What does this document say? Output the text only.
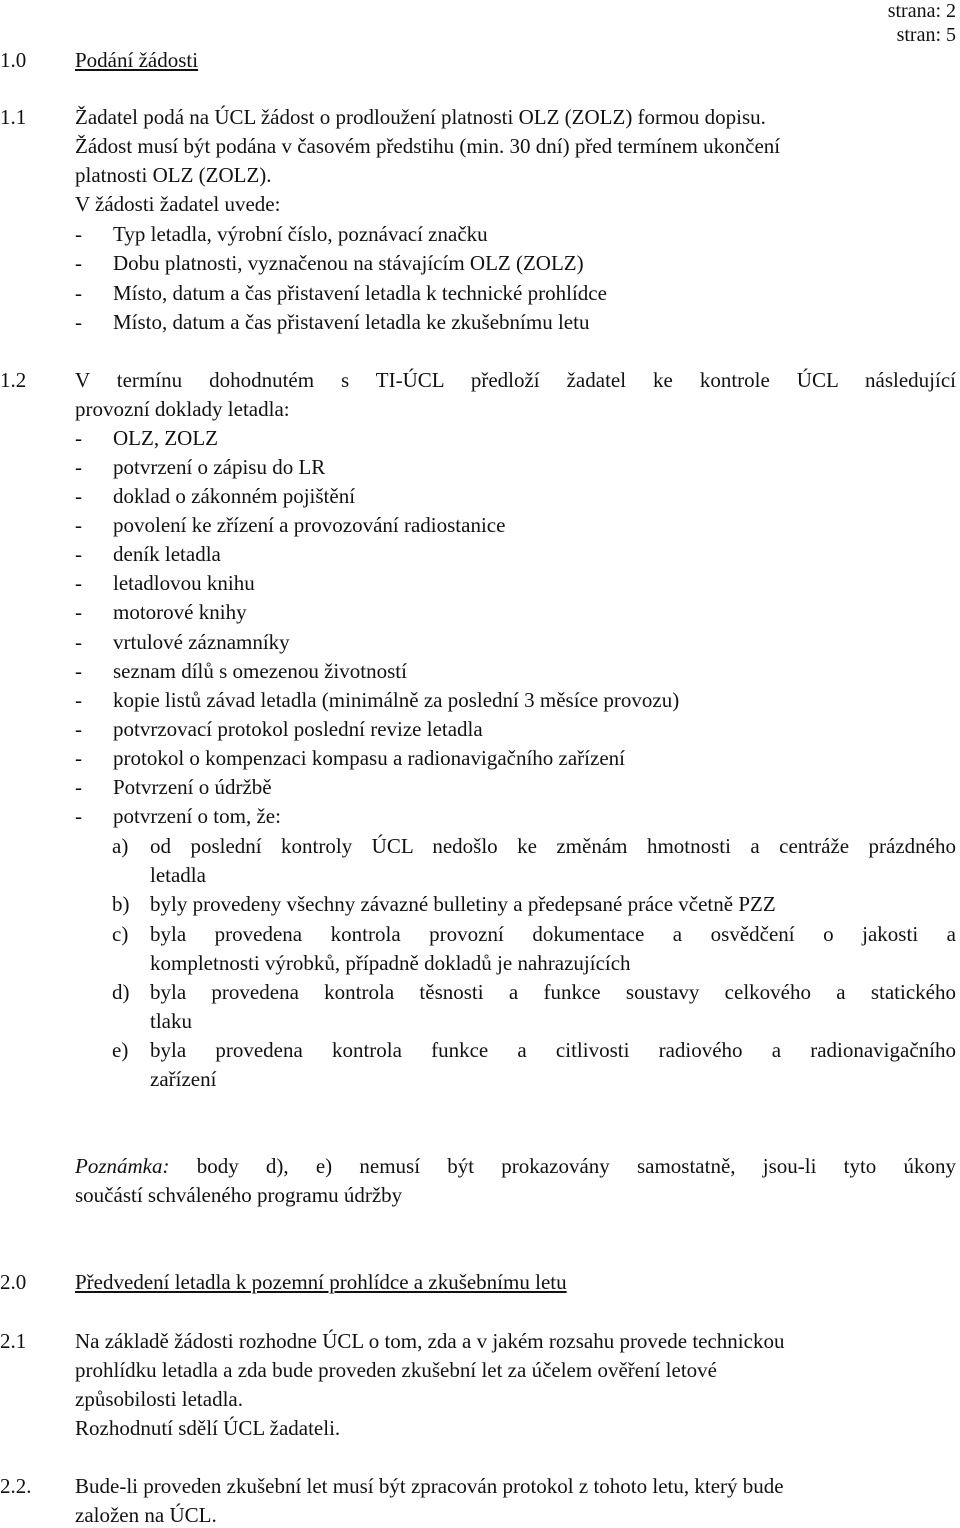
strana: 2
stran: 5
1.0 Podání žádosti
1.1 Žadatel podá na ÚCL žádost o prodloužení platnosti OLZ (ZOLZ) formou dopisu.
Žádost musí být podána v časovém předstihu (min. 30 dní) před termínem ukončení
platnosti OLZ (ZOLZ).
V žádosti žadatel uvede:
- Typ letadla, výrobní číslo, poznávací značku
- Dobu platnosti, vyznačenou na stávajícím OLZ (ZOLZ)
- Místo, datum a čas přistavení letadla k technické prohlídce
- Místo, datum a čas přistavení letadla ke zkušebnímu letu
1.2 V termínu dohodnutém s TI-ÚCL předloží žadatel ke kontrole ÚCL následující
provozní doklady letadla:
- OLZ, ZOLZ
- potvrzení o zápisu do LR
- doklad o zákonném pojištění
- povolení ke zřízení a provozování radiostanice
- deník letadla
- letadlovou knihu
- motorové knihy
- vrtulové záznamníky
- seznam dílů s omezenou životností
- kopie listů závad letadla (minimálně za poslední 3 měsíce provozu)
- potvrzovací protokol poslední revize letadla
- protokol o kompenzaci kompasu a radionavigačního zařízení
- Potvrzení o údržbě
- potvrzení o tom, že:
a) od poslední kontroly ÚCL nedošlo ke změnám hmotnosti a centráže prázdného
letadla
b) byly provedeny všechny závazné bulletiny a předepsané práce včetně PZZ
c) byla provedena kontrola provozní dokumentace a osvědčení o jakosti a
kompletnosti výrobků, případně dokladů je nahrazujících
d) byla provedena kontrola těsnosti a funkce soustavy celkového a statického
tlaku
e) byla provedena kontrola funkce a citlivosti radiového a radionavigačního
zařízení
Poznámka: body d), e) nemusí být prokazovány samostatně, jsou-li tyto úkony
součástí schváleného programu údržby
2.0 Předvedení letadla k pozemní prohlídce a zkušebnímu letu
2.1 Na základě žádosti rozhodne ÚCL o tom, zda a v jakém rozsahu provede technickou
prohlídku letadla a zda bude proveden zkušební let za účelem ověření letové
způsobilosti letadla.
Rozhodnutí sdělí ÚCL žadateli.
2.2. Bude-li proveden zkušební let musí být zpracován protokol z tohoto letu, který bude
založen na ÚCL.
